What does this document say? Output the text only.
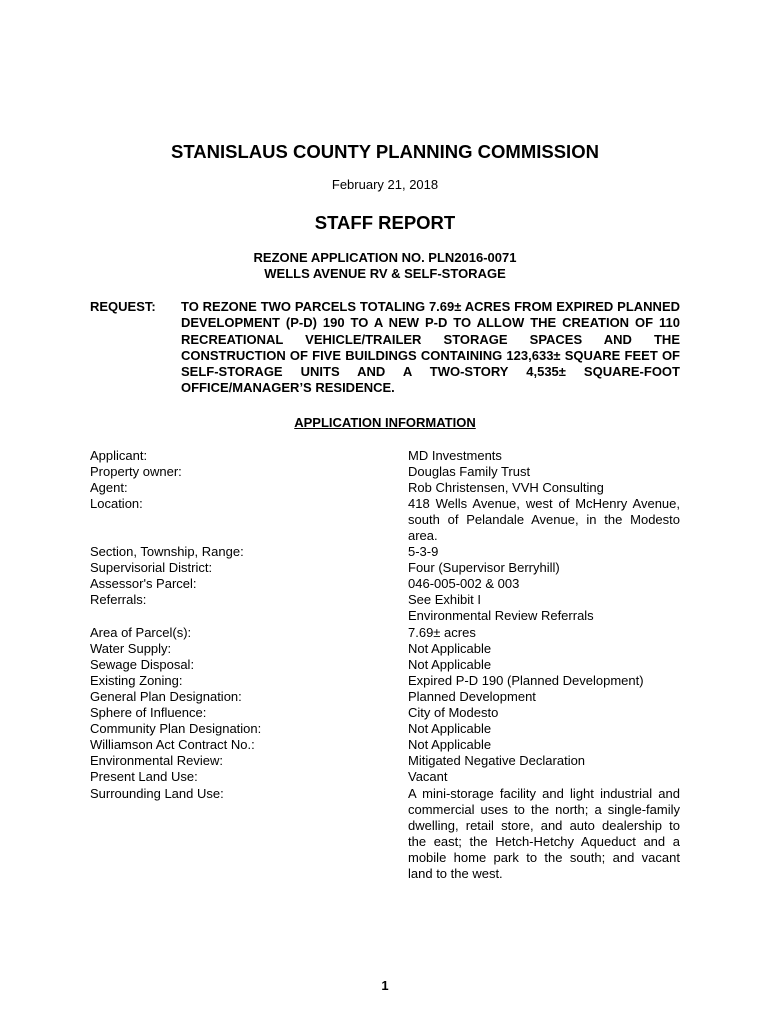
STANISLAUS COUNTY PLANNING COMMISSION
February 21, 2018
STAFF REPORT
REZONE APPLICATION NO. PLN2016-0071
WELLS AVENUE RV & SELF-STORAGE
REQUEST: TO REZONE TWO PARCELS TOTALING 7.69± ACRES FROM EXPIRED PLANNED DEVELOPMENT (P-D) 190 TO A NEW P-D TO ALLOW THE CREATION OF 110 RECREATIONAL VEHICLE/TRAILER STORAGE SPACES AND THE CONSTRUCTION OF FIVE BUILDINGS CONTAINING 123,633± SQUARE FEET OF SELF-STORAGE UNITS AND A TWO-STORY 4,535± SQUARE-FOOT OFFICE/MANAGER’S RESIDENCE.
APPLICATION INFORMATION
Applicant:	MD Investments
Property owner:	Douglas Family Trust
Agent:	Rob Christensen, VVH Consulting
Location:	418 Wells Avenue, west of McHenry Avenue, south of Pelandale Avenue, in the Modesto area.
Section, Township, Range:	5-3-9
Supervisorial District:	Four (Supervisor Berryhill)
Assessor's Parcel:	046-005-002 & 003
Referrals:	See Exhibit I
Environmental Review Referrals
Area of Parcel(s):	7.69± acres
Water Supply:	Not Applicable
Sewage Disposal:	Not Applicable
Existing Zoning:	Expired P-D 190 (Planned Development)
General Plan Designation:	Planned Development
Sphere of Influence:	City of Modesto
Community Plan Designation:	Not Applicable
Williamson Act Contract No.:	Not Applicable
Environmental Review:	Mitigated Negative Declaration
Present Land Use:	Vacant
Surrounding Land Use:	A mini-storage facility and light industrial and commercial uses to the north; a single-family dwelling, retail store, and auto dealership to the east; the Hetch-Hetchy Aqueduct and a mobile home park to the south; and vacant land to the west.
1
